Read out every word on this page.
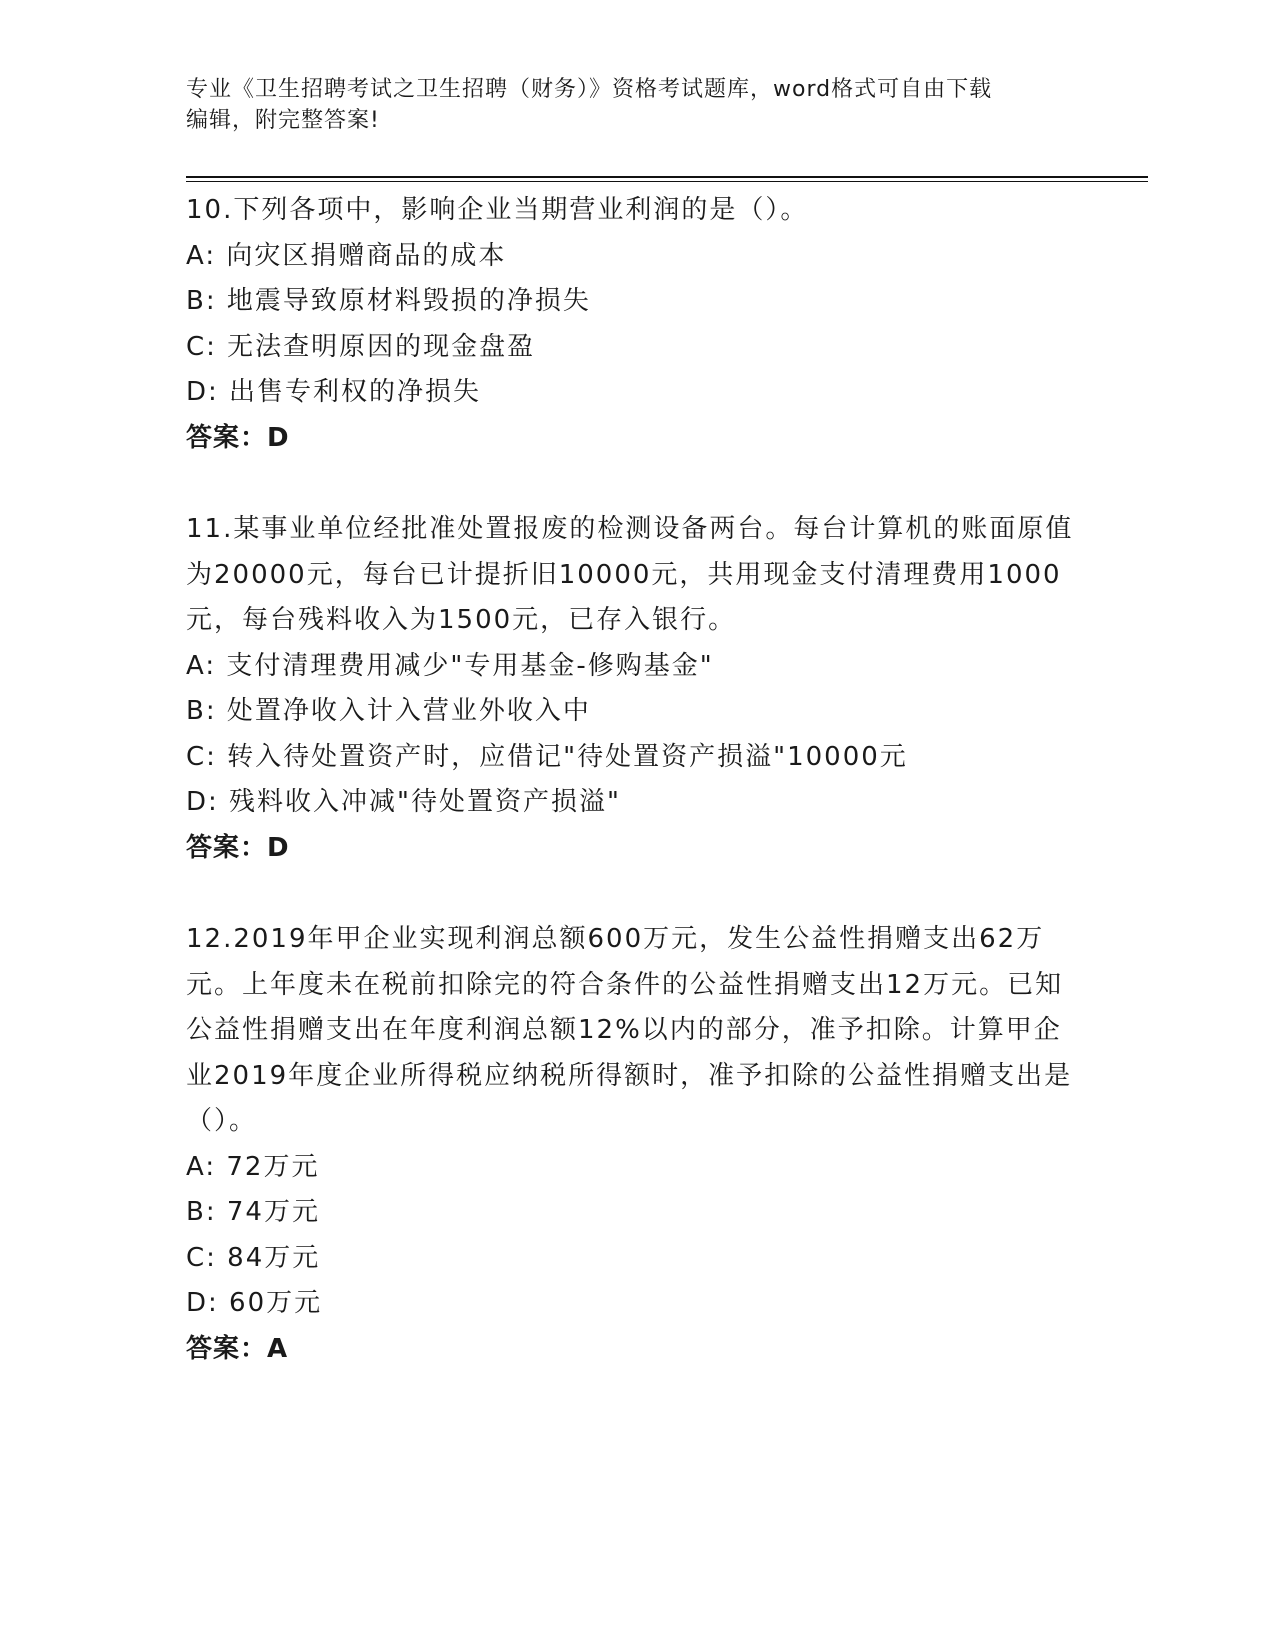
专业《卫生招聘考试之卫生招聘（财务）》资格考试题库，word格式可自由下载
编辑，附完整答案!

10.下列各项中，影响企业当期营业利润的是（）。

A: 向灾区捐赠商品的成本

B: 地震导致原材料毁损的净损失

C: 无法查明原因的现金盘盈

D: 出售专利权的净损失

答案：D

11.某事业单位经批准处置报废的检测设备两台。每台计算机的账面原值为20000元，每台已计提折旧10000元，共用现金支付清理费用1000元，每台残料收入为1500元，已存入银行。

A: 支付清理费用减少"专用基金-修购基金"

B: 处置净收入计入营业外收入中

C: 转入待处置资产时，应借记"待处置资产损溢"10000元

D: 残料收入冲减"待处置资产损溢"

答案：D

12.2019年甲企业实现利润总额600万元，发生公益性捐赠支出62万元。上年度未在税前扣除完的符合条件的公益性捐赠支出12万元。已知公益性捐赠支出在年度利润总额12%以内的部分，准予扣除。计算甲企业2019年度企业所得税应纳税所得额时，准予扣除的公益性捐赠支出是（）。

A: 72万元

B: 74万元

C: 84万元

D: 60万元

答案：A
